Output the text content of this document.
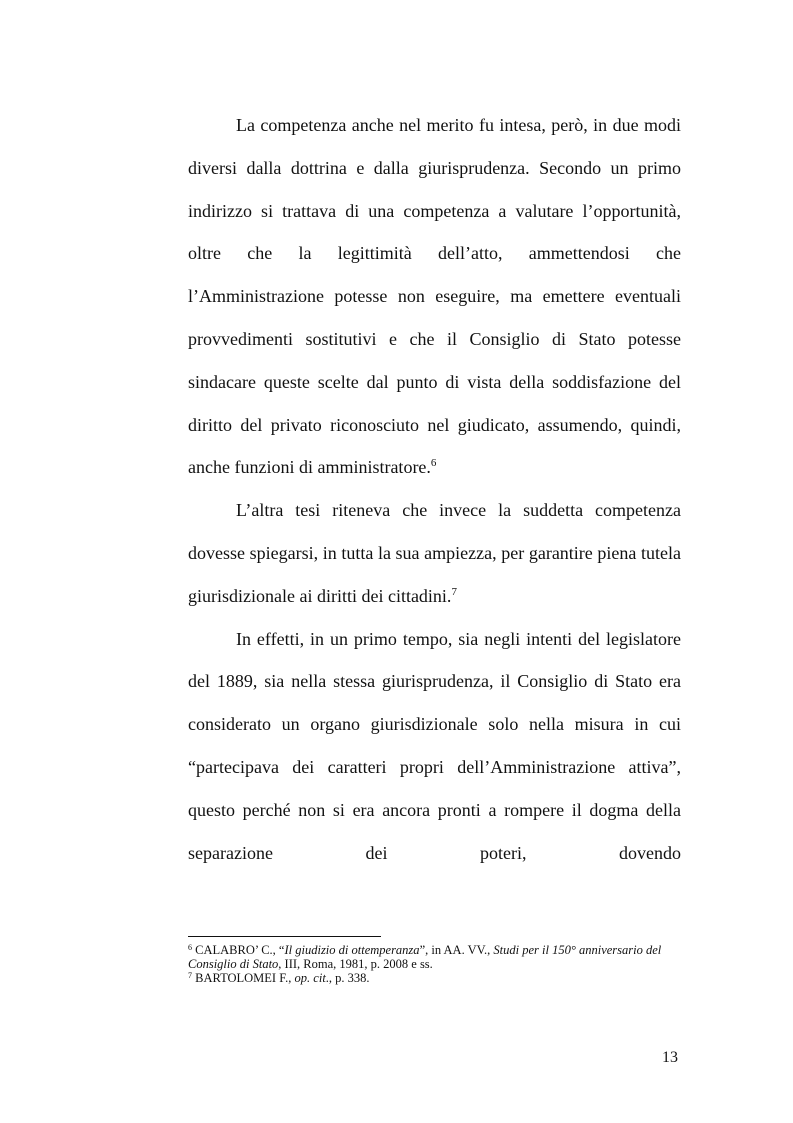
La competenza anche nel merito fu intesa, però, in due modi diversi dalla dottrina e dalla giurisprudenza. Secondo un primo indirizzo si trattava di una competenza a valutare l’opportunità, oltre che la legittimità dell’atto, ammettendosi che l’Amministrazione potesse non eseguire, ma emettere eventuali provvedimenti sostitutivi e che il Consiglio di Stato potesse sindacare queste scelte dal punto di vista della soddisfazione del diritto del privato riconosciuto nel giudicato, assumendo, quindi, anche funzioni di amministratore.$^6$

L’altra tesi riteneva che invece la suddetta competenza dovesse spiegarsi, in tutta la sua ampiezza, per garantire piena tutela giurisdizionale ai diritti dei cittadini.$^7$

In effetti, in un primo tempo, sia negli intenti del legislatore del 1889, sia nella stessa giurisprudenza, il Consiglio di Stato era considerato un organo giurisdizionale solo nella misura in cui “partecipava dei caratteri propri dell’Amministrazione attiva”, questo perché non si era ancora pronti a rompere il dogma della separazione dei poteri, dovendo

$^6$ CALABRO’ C., “Il giudizio di ottemperanza”, in AA. VV., Studi per il 150° anniversario del Consiglio di Stato, III, Roma, 1981, p. 2008 e ss.

$^7$ BARTOLOMEI F., op. cit., p. 338.

13
